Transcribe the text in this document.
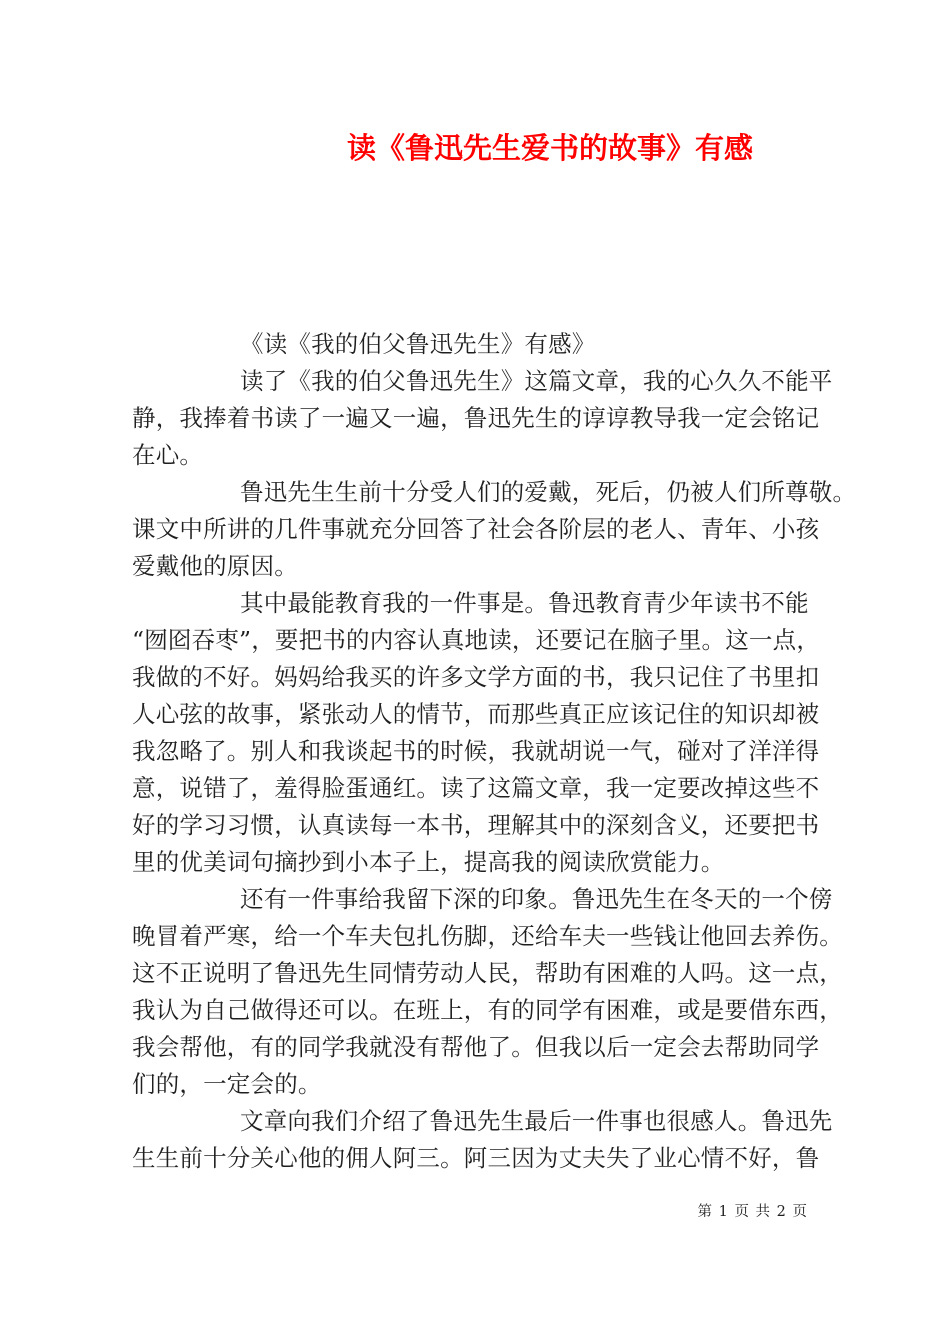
读《鲁迅先生爱书的故事》有感
《读《我的伯父鲁迅先生》有感》
读了《我的伯父鲁迅先生》这篇文章，我的心久久不能平
静，我捧着书读了一遍又一遍，鲁迅先生的谆谆教导我一定会铭记
在心。
鲁迅先生生前十分受人们的爱戴，死后，仍被人们所尊敬。
课文中所讲的几件事就充分回答了社会各阶层的老人、青年、小孩
爱戴他的原因。
其中最能教育我的一件事是。鲁迅教育青少年读书不能
“囫囵吞枣”，要把书的内容认真地读，还要记在脑子里。这一点，
我做的不好。妈妈给我买的许多文学方面的书，我只记住了书里扣
人心弦的故事，紧张动人的情节，而那些真正应该记住的知识却被
我忽略了。别人和我谈起书的时候，我就胡说一气，碰对了洋洋得
意，说错了，羞得脸蛋通红。读了这篇文章，我一定要改掉这些不
好的学习习惯，认真读每一本书，理解其中的深刻含义，还要把书
里的优美词句摘抄到小本子上，提高我的阅读欣赏能力。
还有一件事给我留下深的印象。鲁迅先生在冬天的一个傍
晚冒着严寒，给一个车夫包扎伤脚，还给车夫一些钱让他回去养伤。
这不正说明了鲁迅先生同情劳动人民，帮助有困难的人吗。这一点，
我认为自己做得还可以。在班上，有的同学有困难，或是要借东西，
我会帮他，有的同学我就没有帮他了。但我以后一定会去帮助同学
们的，一定会的。
文章向我们介绍了鲁迅先生最后一件事也很感人。鲁迅先
生生前十分关心他的佣人阿三。阿三因为丈夫失了业心情不好，鲁
第 1 页 共 2 页
